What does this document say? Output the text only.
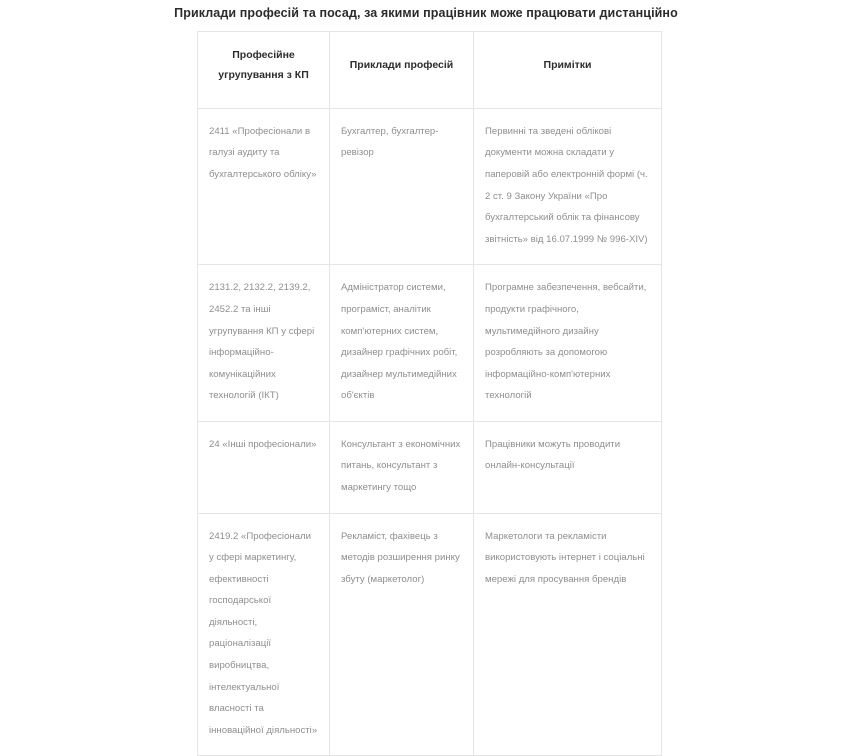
Приклади професій та посад, за якими працівник може працювати дистанційно
Професійне угрупування з КП	Приклади професій	Примітки
2411 «Професіонали в галузі аудиту та бухгалтерського обліку»	Бухгалтер, бухгалтер-ревізор	Первинні та зведені облікові документи можна складати у паперовій або електронній формі (ч. 2 ст. 9 Закону України «Про бухгалтерський облік та фінансову звітність» від 16.07.1999 № 996-XIV)
2131.2, 2132.2, 2139.2, 2452.2 та інші угрупування КП у сфері інформаційно-комунікаційних технологій (ІКТ)	Адміністратор системи, програміст, аналітик комп'ютерних систем, дизайнер графічних робіт, дизайнер мультимедійних об'єктів	Програмне забезпечення, вебсайти, продукти графічного, мультимедійного дизайну розробляють за допомогою інформаційно-комп'ютерних технологій
24 «Інші професіонали»	Консультант з економічних питань, консультант з маркетингу тощо	Працівники можуть проводити онлайн-консультації
2419.2 «Професіонали у сфері маркетингу, ефективності господарської діяльності, раціоналізації виробництва, інтелектуальної власності та інноваційної діяльності»	Рекламіст, фахівець з методів розширення ринку збуту (маркетолог)	Маркетологи та рекламісти використовують інтернет і соціальні мережі для просування брендів
